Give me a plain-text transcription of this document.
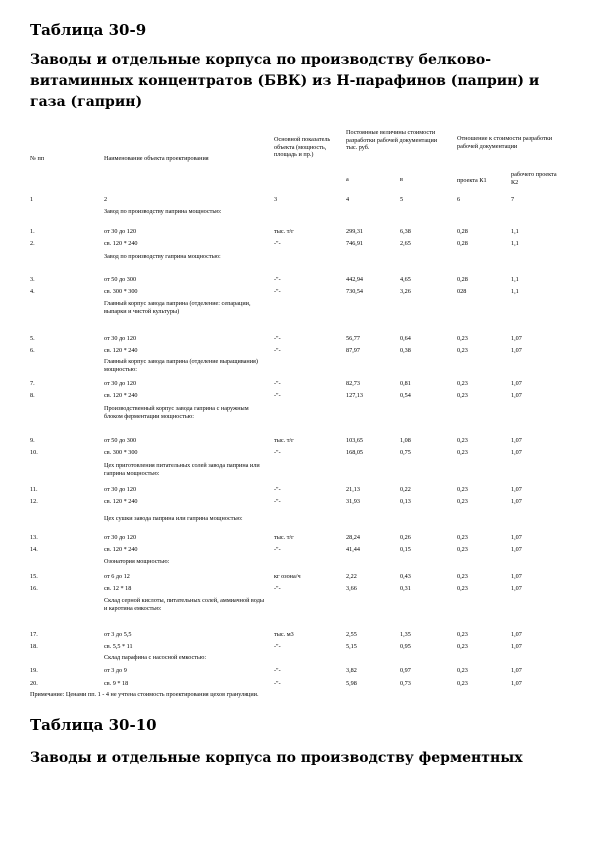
Таблица 30-9
Заводы и отдельные корпуса по производству белково-витаминных концентратов (БВК) из Н-парафинов (паприн) и газа (гаприн)
№ пп	Наименование объекта проектирования
Основной показатель объекта (мощность, площадь и пр.)
Постоянные величины стоимости разработки рабочей документации тыс. руб.
а	в
Отношение к стоимости разработки рабочей документации
проекта К1
рабочего проекта К2
1	2	3	4	5	6	7
Завод по производству паприна мощностью:
1.	от 30 до 120	тыс. т/г	299,31	6,38	0,28	1,1
2.	св. 120 * 240	-"-	746,91	2,65	0,28	1,1
Завод по производству гаприна мощностью:
3.	от 50 до 300	-"-	442,94	4,65	0,28	1,1
4.	св. 300 * 300	-"-	730,54	3,26	028	1,1
Главный корпус завода паприна (отделение: сепарации, выпарки и чистой культуры)
5.	от 30 до 120	-"-	56,77	0,64	0,23	1,07
6.	св. 120 * 240	-"-	87,97	0,38	0,23	1,07
Главный корпус завода паприна (отделение выращивания) мощностью:
7.	от 30 до 120	-"-	82,73	0,81	0,23	1,07
8.	св. 120 * 240	-"-	127,13	0,54	0,23	1,07
Производственный корпус завода гаприна с наружным блоком ферментации мощностью:
9.	от 50 до 300	тыс. т/г	103,65	1,08	0,23	1,07
10.	св. 300 * 300	-"-	168,05	0,75	0,23	1,07
Цех приготовления питательных солей завода паприна или гаприна мощностью:
11.	от 30 до 120	-"-	21,13	0,22	0,23	1,07
12.	св. 120 * 240	-"-	31,93	0,13	0,23	1,07
Цех сушки завода паприна или гаприна мощностью:
13.	от 30 до 120	тыс. т/г	28,24	0,26	0,23	1,07
14.	св. 120 * 240	-"-	41,44	0,15	0,23	1,07
Озонатория мощностью:
15.	от 6 до 12	кг озона/ч	2,22	0,43	0,23	1,07
16.	св. 12 * 18	-"-	3,66	0,31	0,23	1,07
Склад серной кислоты, питательных солей, аммиачной воды и каротина емкостью:
17.	от 3 до 5,5	тыс. м3	2,55	1,35	0,23	1,07
18.	св. 5,5 * 11	-"-	5,15	0,95	0,23	1,07
Склад парафина с насосной емкостью:
19.	от 3 до 9	-"-	3,82	0,97	0,23	1,07
20.	св. 9 * 18	-"-	5,98	0,73	0,23	1,07
Примечание: Ценами пп. 1 - 4 не учтена стоимость проектирования цехов грануляции.
Таблица 30-10
Заводы и отдельные корпуса по производству ферментных
